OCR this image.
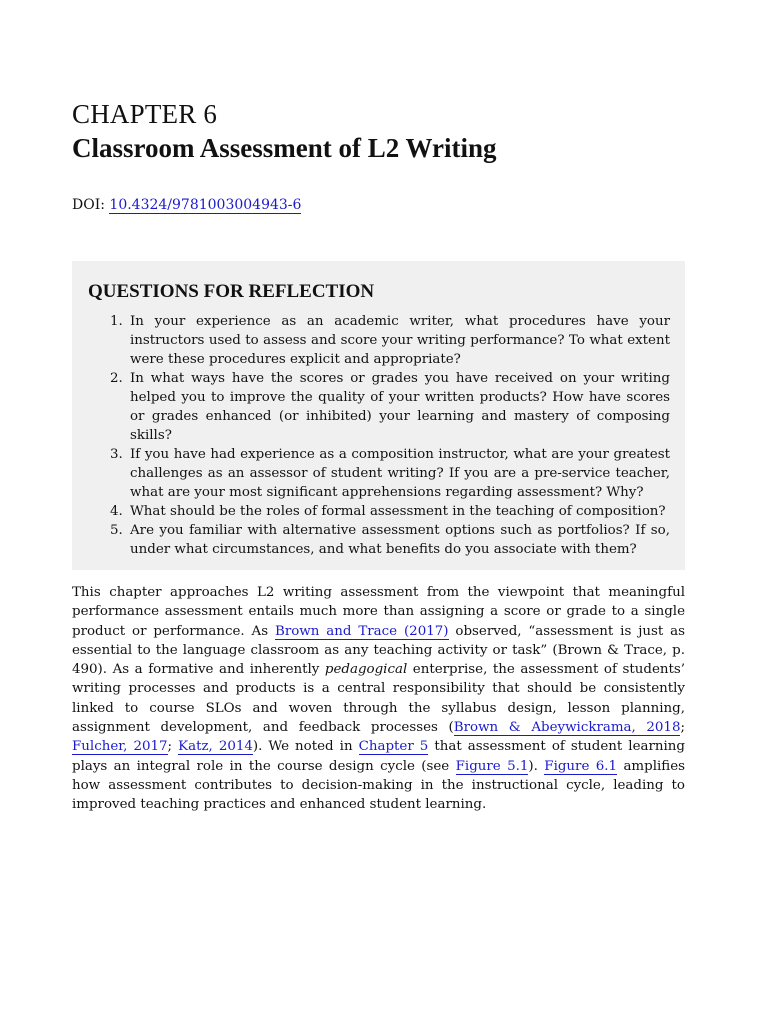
CHAPTER 6
Classroom Assessment of L2 Writing
DOI: 10.4324/9781003004943-6
QUESTIONS FOR REFLECTION
1. In your experience as an academic writer, what procedures have your instructors used to assess and score your writing performance? To what extent were these procedures explicit and appropriate?
2. In what ways have the scores or grades you have received on your writing helped you to improve the quality of your written products? How have scores or grades enhanced (or inhibited) your learning and mastery of composing skills?
3. If you have had experience as a composition instructor, what are your greatest challenges as an assessor of student writing? If you are a pre-service teacher, what are your most significant apprehensions regarding assessment? Why?
4. What should be the roles of formal assessment in the teaching of composition?
5. Are you familiar with alternative assessment options such as portfolios? If so, under what circumstances, and what benefits do you associate with them?

This chapter approaches L2 writing assessment from the viewpoint that meaningful performance assessment entails much more than assigning a score or grade to a single product or performance. As Brown and Trace (2017) observed, “assessment is just as essential to the language classroom as any teaching activity or task” (Brown & Trace, p. 490). As a formative and inherently pedagogical enterprise, the assessment of students’ writing processes and products is a central responsibility that should be consistently linked to course SLOs and woven through the syllabus design, lesson planning, assignment development, and feedback processes (Brown & Abeywickrama, 2018; Fulcher, 2017; Katz, 2014). We noted in Chapter 5 that assessment of student learning plays an integral role in the course design cycle (see Figure 5.1). Figure 6.1 amplifies how assessment contributes to decision-making in the instructional cycle, leading to improved teaching practices and enhanced student learning.
